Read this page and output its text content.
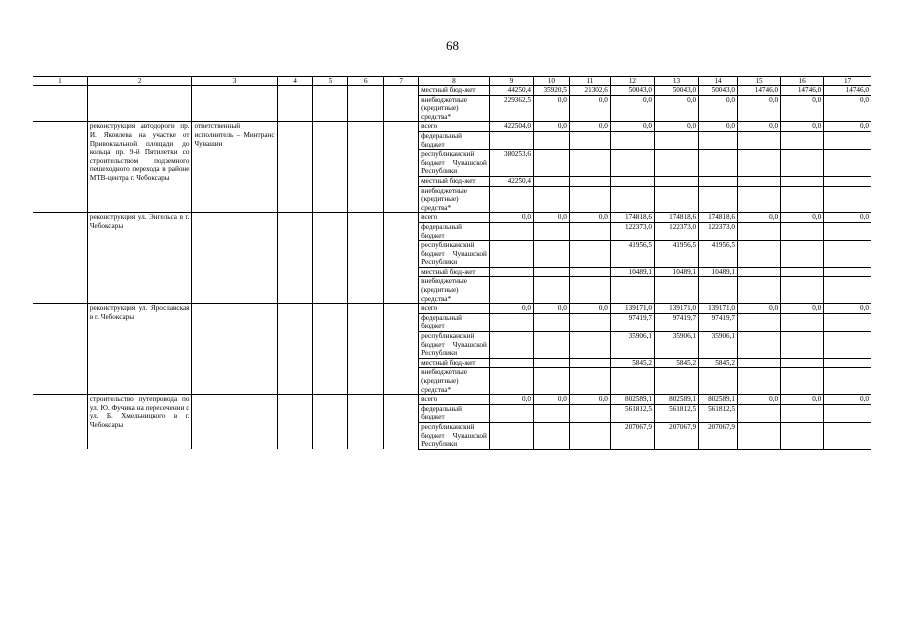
68
1	2	3	4	5	6	7	8	9	10	11	12	13	14	15	16	17
							местный бюд-жет	44250,4	35920,5	21302,6	50043,0	50043,0	50043,0	14746,0	14746,0	14746,0
							внебюджетные (кредитные) средства*	229362,5	0,0	0,0	0,0	0,0	0,0	0,0	0,0	0,0
	реконструкция автодороги пр. И. Яковлева на участке от Привокзальной площади до кольца пр. 9-й Пятилетки со строительством подземного пешеходного перехода в районе МТВ-центра г. Чебоксары	ответственный исполнитель – Минтранс Чувашии					всего	422504,0	0,0	0,0	0,0	0,0	0,0	0,0	0,0	0,0
							федеральный бюджет									
							республиканский бюджет Чувашской Республики	380253,6								
							местный бюд-жет	42250,4								
							внебюджетные (кредитные) средства*									
	реконструкция ул. Энгельса в г. Чебоксары						всего	0,0	0,0	0,0	174818,6	174818,6	174818,6	0,0	0,0	0,0
							федеральный бюджет				122373,0	122373,0	122373,0			
							республиканский бюджет Чувашской Республики				41956,5	41956,5	41956,5			
							местный бюд-жет				10489,1	10489,1	10489,1			
							внебюджетные (кредитные) средства*									
	реконструкция ул. Ярославская в г. Чебоксары						всего	0,0	0,0	0,0	139171,0	139171,0	139171,0	0,0	0,0	0,0
							федеральный бюджет				97419,7	97419,7	97419,7			
							республиканский бюджет Чувашской Республики				35906,1	35906,1	35906,1			
							местный бюд-жет				5845,2	5845,2	5845,2			
							внебюджетные (кредитные) средства*									
	строительство путепровода по ул. Ю. Фучика на пересечении с ул. Б. Хмельницкого в г. Чебоксары						всего	0,0	0,0	0,0	802589,1	802589,1	802589,1	0,0	0,0	0,0
							федеральный бюджет				561812,5	561812,5	561812,5			
							республиканский бюджет Чувашской Республики				207067,9	207067,9	207067,9			
